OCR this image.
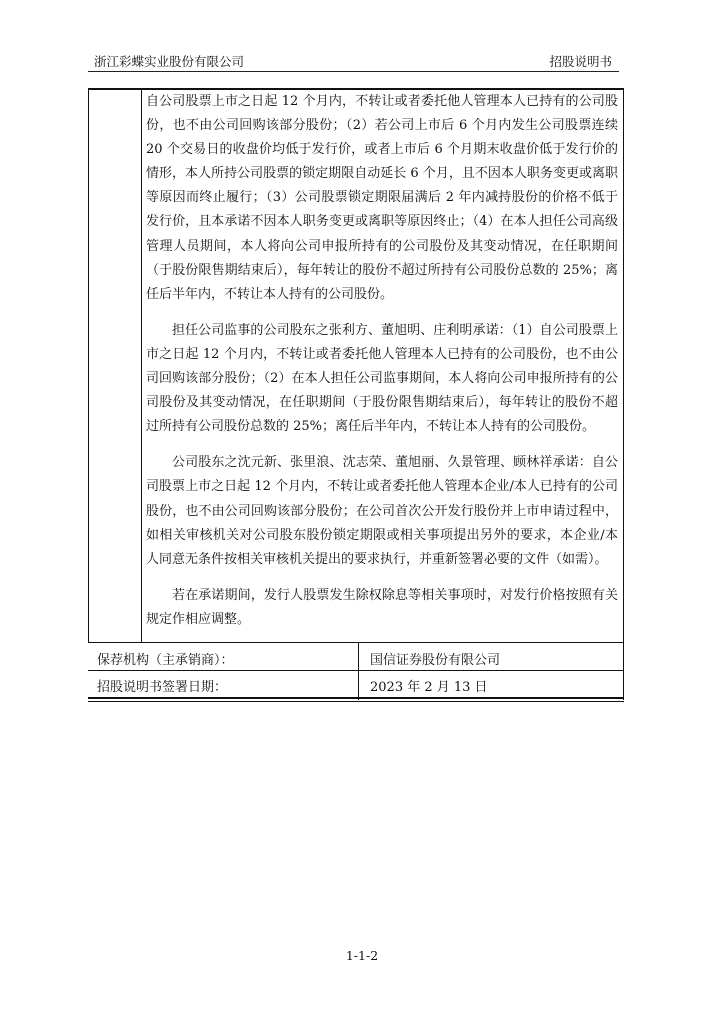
浙江彩蝶实业股份有限公司	招股说明书

自公司股票上市之日起 12 个月内，不转让或者委托他人管理本人已持有的公司股份，也不由公司回购该部分股份；（2）若公司上市后 6 个月内发生公司股票连续 20 个交易日的收盘价均低于发行价，或者上市后 6 个月期末收盘价低于发行价的情形，本人所持公司股票的锁定期限自动延长 6 个月，且不因本人职务变更或离职等原因而终止履行；（3）公司股票锁定期限届满后 2 年内减持股份的价格不低于发行价，且本承诺不因本人职务变更或离职等原因终止；（4）在本人担任公司高级管理人员期间，本人将向公司申报所持有的公司股份及其变动情况，在任职期间（于股份限售期结束后），每年转让的股份不超过所持有公司股份总数的 25%；离任后半年内，不转让本人持有的公司股份。

担任公司监事的公司股东之张利方、董旭明、庄利明承诺：（1）自公司股票上市之日起 12 个月内，不转让或者委托他人管理本人已持有的公司股份，也不由公司回购该部分股份；（2）在本人担任公司监事期间，本人将向公司申报所持有的公司股份及其变动情况，在任职期间（于股份限售期结束后），每年转让的股份不超过所持有公司股份总数的 25%；离任后半年内，不转让本人持有的公司股份。

公司股东之沈元新、张里浪、沈志荣、董旭丽、久景管理、顾林祥承诺：自公司股票上市之日起 12 个月内，不转让或者委托他人管理本企业/本人已持有的公司股份，也不由公司回购该部分股份；在公司首次公开发行股份并上市申请过程中，如相关审核机关对公司股东股份锁定期限或相关事项提出另外的要求，本企业/本人同意无条件按相关审核机关提出的要求执行，并重新签署必要的文件（如需）。

若在承诺期间，发行人股票发生除权除息等相关事项时，对发行价格按照有关规定作相应调整。

保荐机构（主承销商）：	国信证券股份有限公司
招股说明书签署日期：	2023 年 2 月 13 日
1-1-2
